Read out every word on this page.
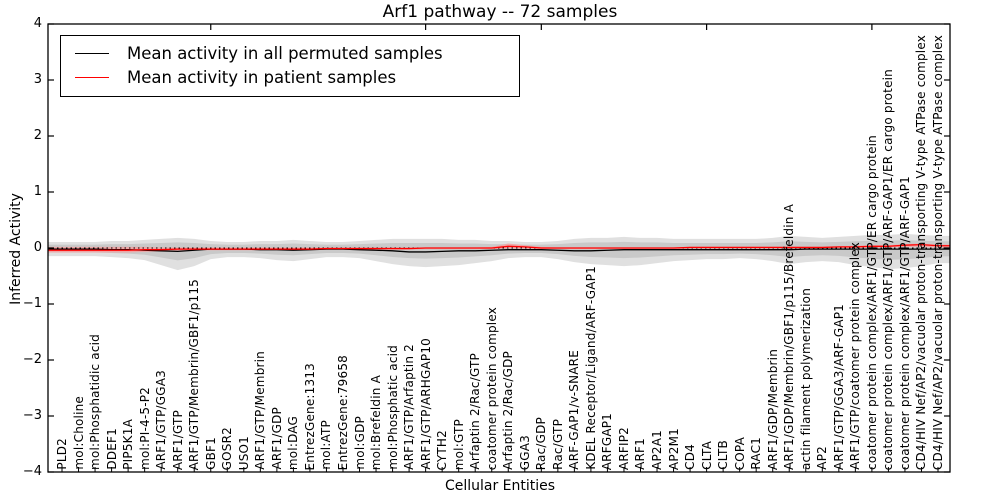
Arf1 pathway -- 72 samples
Cellular Entities
Inferred Activity
4
3
2
1
0
−1
−2
−3
−4
PLD2 mol:Choline mol:Phosphatidic acid DDEF1 PIP5K1A mol:PI-4-5-P2 ARF1/GTP/GGA3 ARF1/GTP ARF1/GTP/Membrin/GBF1/p115 GBF1 GOSR2 USO1 ARF1/GTP/Membrin ARF1/GDP mol:DAG EntrezGene:1313 mol:ATP EntrezGene:79658 mol:GDP mol:Brefeldin A mol:Phosphatic acid ARF1/GTP/Arfaptin 2 ARF1/GTP/ARHGAP10 CYTH2 mol:GTP Arfaptin 2/Rac/GTP coatomer protein complex Arfaptin 2/Rac/GDP GGA3 Rac/GDP Rac/GTP ARF-GAP1/v-SNARE KDEL Receptor/Ligand/ARF-GAP1 ARFGAP1 ARFIP2 ARF1 AP2A1 AP2M1 CD4 CLTA CLTB COPA RAC1 ARF1/GDP/Membrin ARF1/GDP/Membrin/GBF1/p115/Brefeldin A actin filament polymerization AP2 ARF1/GTP/GGA3/ARF-GAP1 ARF1/GTP/coatomer protein complex coatomer protein complex/ARF1/GTP/ER cargo protein coatomer protein complex/ARF1/GTP/ARF-GAP1/ER cargo protein coatomer protein complex/ARF1/GTP/ARF-GAP1 CD4/HIV Nef/AP2/vacuolar proton-transporting V-type ATPase complex CD4/HIV Nef/AP2/vacuolar proton-transporting V-type ATPase complex
Mean activity in all permuted samples
Mean activity in patient samples
